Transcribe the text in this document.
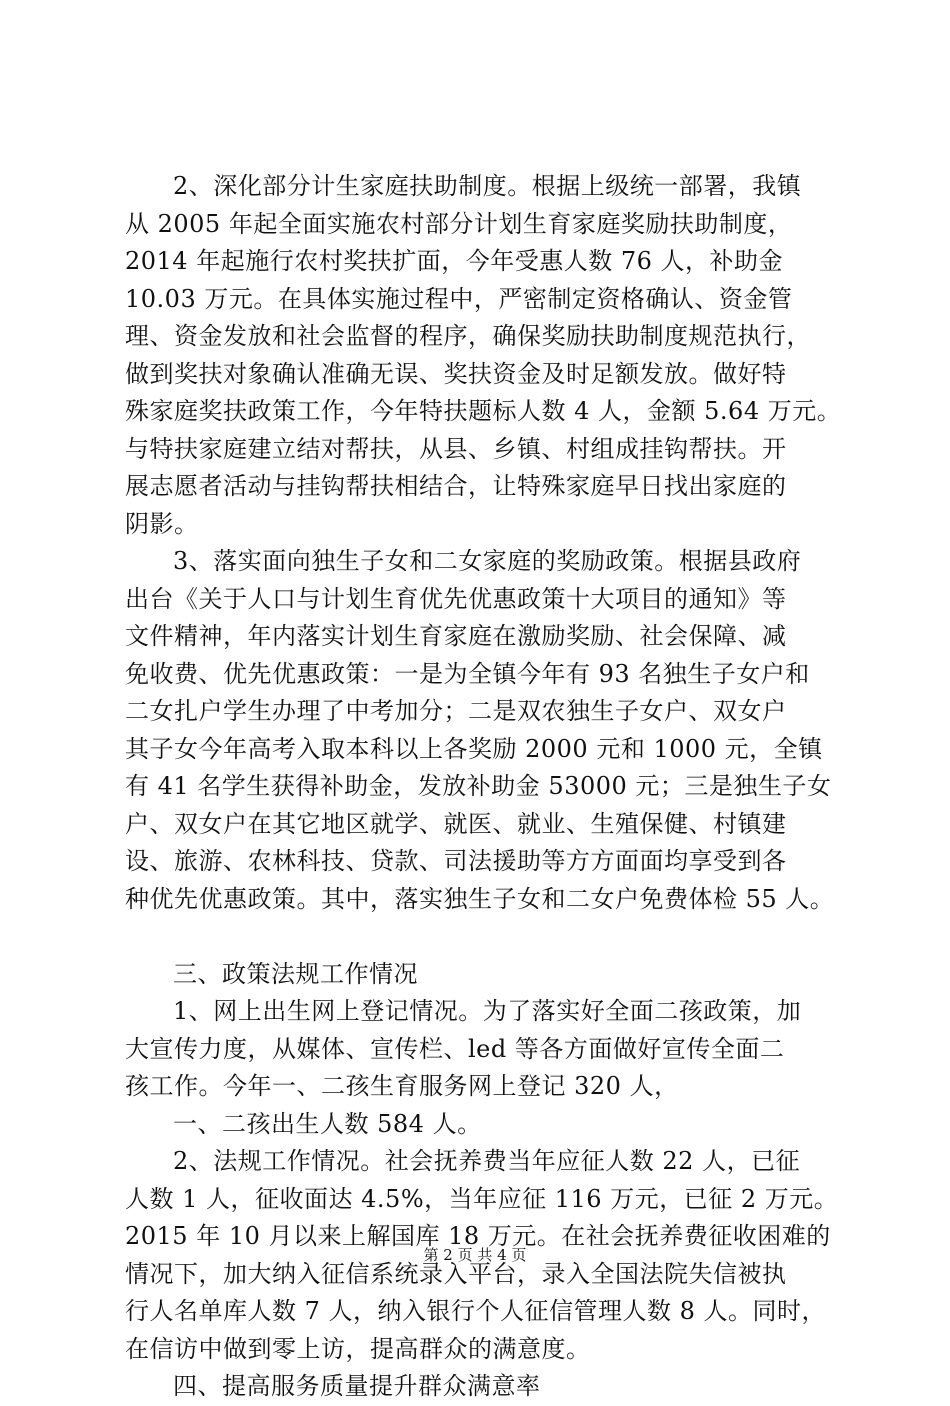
2、深化部分计生家庭扶助制度。根据上级统一部署，我镇
从 2005 年起全面实施农村部分计划生育家庭奖励扶助制度，
2014 年起施行农村奖扶扩面，今年受惠人数 76 人，补助金
10.03 万元。在具体实施过程中，严密制定资格确认、资金管
理、资金发放和社会监督的程序，确保奖励扶助制度规范执行，
做到奖扶对象确认准确无误、奖扶资金及时足额发放。做好特
殊家庭奖扶政策工作，今年特扶题标人数 4 人，金额 5.64 万元。
与特扶家庭建立结对帮扶，从县、乡镇、村组成挂钩帮扶。开
展志愿者活动与挂钩帮扶相结合，让特殊家庭早日找出家庭的
阴影。
3、落实面向独生子女和二女家庭的奖励政策。根据县政府
出台《关于人口与计划生育优先优惠政策十大项目的通知》等
文件精神，年内落实计划生育家庭在激励奖励、社会保障、减
免收费、优先优惠政策：一是为全镇今年有 93 名独生子女户和
二女扎户学生办理了中考加分；二是双农独生子女户、双女户
其子女今年高考入取本科以上各奖励 2000 元和 1000 元，全镇
有 41 名学生获得补助金，发放补助金 53000 元；三是独生子女
户、双女户在其它地区就学、就医、就业、生殖保健、村镇建
设、旅游、农林科技、贷款、司法援助等方方面面均享受到各
种优先优惠政策。其中，落实独生子女和二女户免费体检 55 人。
三、政策法规工作情况
1、网上出生网上登记情况。为了落实好全面二孩政策，加
大宣传力度，从媒体、宣传栏、led 等各方面做好宣传全面二
孩工作。今年一、二孩生育服务网上登记 320 人，
一、二孩出生人数 584 人。
2、法规工作情况。社会抚养费当年应征人数 22 人，已征
人数 1 人，征收面达 4.5%，当年应征 116 万元，已征 2 万元。
2015 年 10 月以来上解国库 18 万元。在社会抚养费征收困难的
情况下，加大纳入征信系统录入平台，录入全国法院失信被执
行人名单库人数 7 人，纳入银行个人征信管理人数 8 人。同时，
在信访中做到零上访，提高群众的满意度。
四、提高服务质量提升群众满意率
第 2 页 共 4 页
